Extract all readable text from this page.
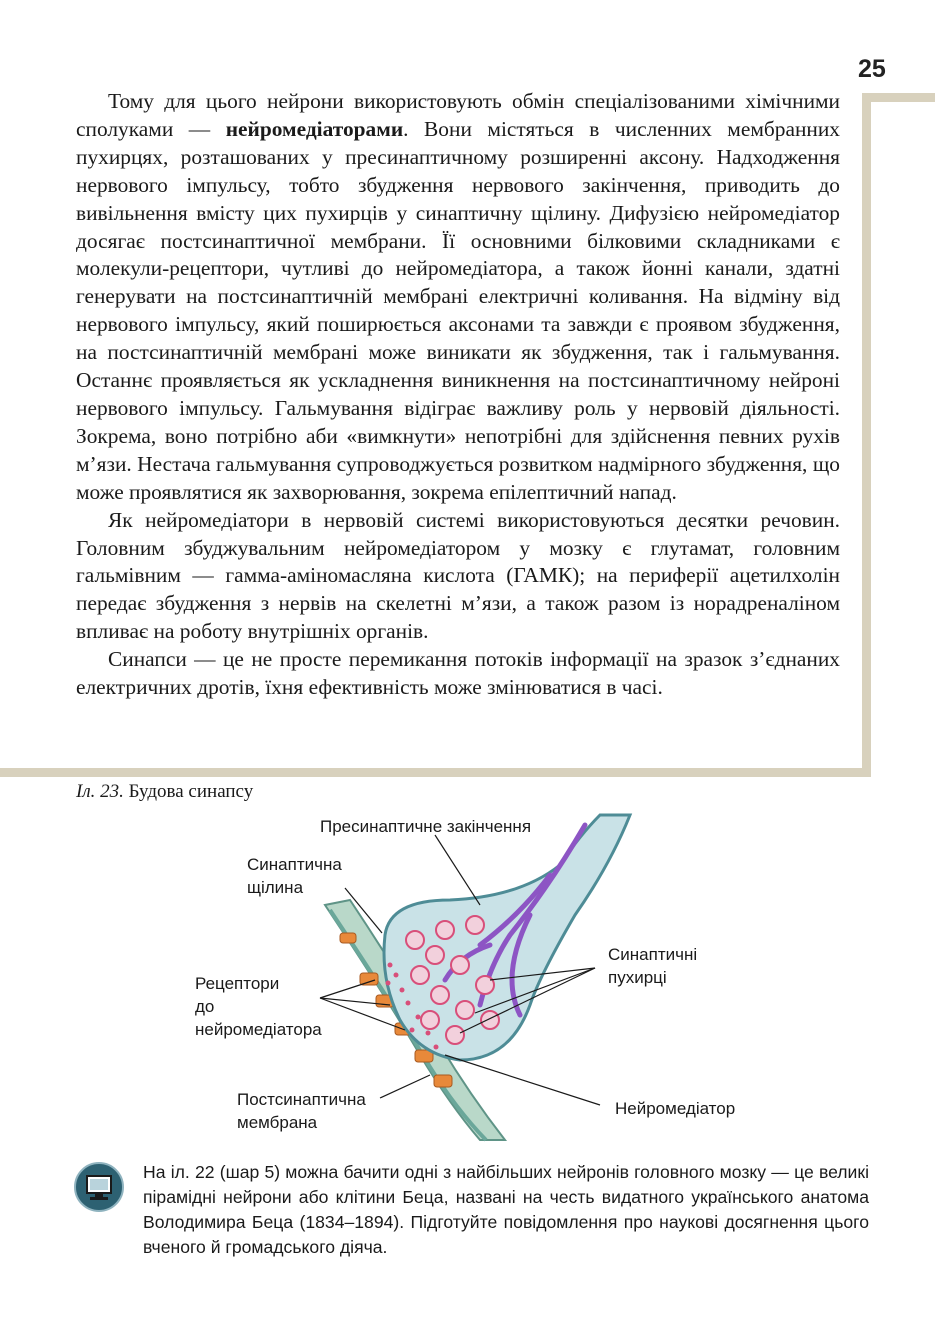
25

Тому для цього нейрони використовують обмін спеціалізованими хімічними сполуками — нейромедіаторами. Вони містяться в численних мембранних пухирцях, розташованих у пресинаптичному розширенні аксону. Надходження нервового імпульсу, тобто збудження нервового закінчення, приводить до вивільнення вмісту цих пухирців у синаптичну щілину. Дифузією нейромедіатор досягає постсинаптичної мембрани. Її основними білковими складниками є молекули-рецептори, чутливі до нейромедіатора, а також йонні канали, здатні генерувати на постсинаптичній мембрані електричні коливання. На відміну від нервового імпульсу, який поширюється аксонами та завжди є проявом збудження, на постсинаптичній мембрані може виникати як збудження, так і гальмування. Останнє проявляється як ускладнення виникнення на постсинаптичному нейроні нервового імпульсу. Гальмування відіграє важливу роль у нервовій діяльності. Зокрема, воно потрібно аби «вимкнути» непотрібні для здійснення певних рухів м’язи. Нестача гальмування супроводжується розвитком надмірного збудження, що може проявлятися як захворювання, зокрема епілептичний напад.

Як нейромедіатори в нервовій системі використовуються десятки речовин. Головним збуджувальним нейромедіатором у мозку є глутамат, головним гальмівним — гамма-аміномасляна кислота (ГАМК); на периферії ацетилхолін передає збудження з нервів на скелетні м’язи, а також разом із норадреналіном впливає на роботу внутрішніх органів.

Синапси — це не просте перемикання потоків інформації на зразок з’єднаних електричних дротів, їхня ефективність може змінюватися в часі.

Іл. 23. Будова синапсу
Пресинаптичне закінчення
Синаптична
щілина
Синаптичні
пухирці
Рецептори
до
нейромедіатора
Постсинаптична
мембрана
Нейромедіатор
На іл. 22 (шар 5) можна бачити одні з найбільших нейронів головного мозку — це великі пірамідні нейрони або клітини Беца, названі на честь видатного українського анатома Володимира Беца (1834–1894). Підготуйте повідомлення про наукові досягнення цього вченого й громадського діяча.
